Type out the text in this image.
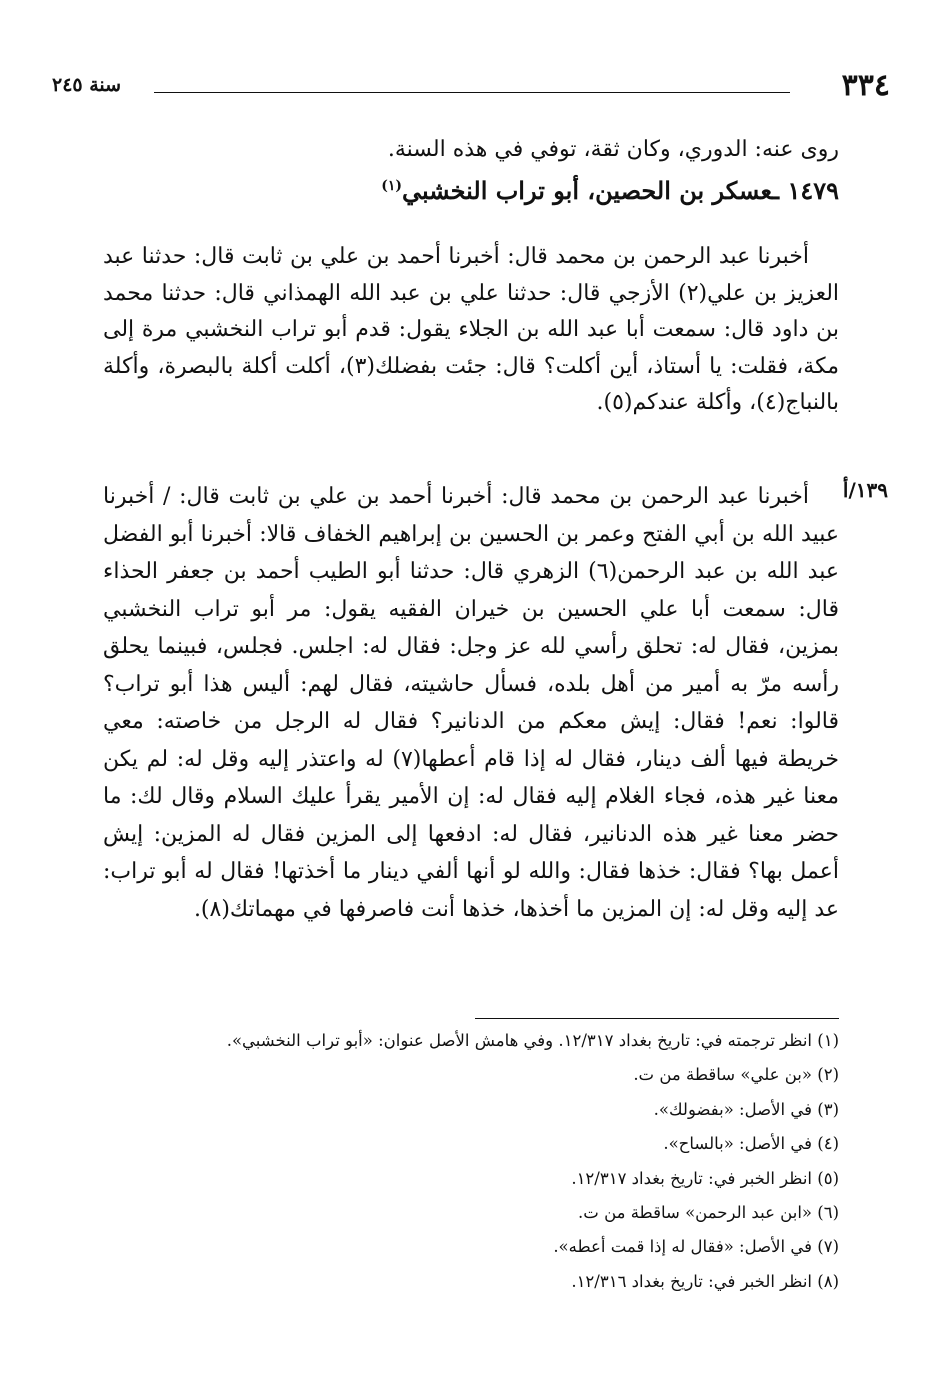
٣٣٤
سنة ٢٤٥
روى عنه: الدوري، وكان ثقة، توفي في هذه السنة.
١٤٧٩ ـعسكر بن الحصين، أبو تراب النخشبي$^{(١)}$

أخبرنا عبد الرحمن بن محمد قال: أخبرنا أحمد بن علي بن ثابت قال: حدثنا عبد العزيز بن علي(٢) الأزجي قال: حدثنا علي بن عبد الله الهمذاني قال: حدثنا محمد بن داود قال: سمعت أبا عبد الله بن الجلاء يقول: قدم أبو تراب النخشبي مرة إلى مكة، فقلت: يا أستاذ، أين أكلت؟ قال: جئت بفضلك(٣)، أكلت أكلة بالبصرة، وأكلة بالنباج(٤)، وأكلة عندكم(٥).

١٣٩/أ

أخبرنا عبد الرحمن بن محمد قال: أخبرنا أحمد بن علي بن ثابت قال: / أخبرنا عبيد الله بن أبي الفتح وعمر بن الحسين بن إبراهيم الخفاف قالا: أخبرنا أبو الفضل عبد الله بن عبد الرحمن(٦) الزهري قال: حدثنا أبو الطيب أحمد بن جعفر الحذاء قال: سمعت أبا علي الحسين بن خيران الفقيه يقول: مر أبو تراب النخشبي بمزين، فقال له: تحلق رأسي لله عز وجل: فقال له: اجلس. فجلس، فبينما يحلق رأسه مرّ به أمير من أهل بلده، فسأل حاشيته، فقال لهم: أليس هذا أبو تراب؟ قالوا: نعم! فقال: إيش معكم من الدنانير؟ فقال له الرجل من خاصته: معي خريطة فيها ألف دينار، فقال له إذا قام أعطها(٧) له واعتذر إليه وقل له: لم يكن معنا غير هذه، فجاء الغلام إليه فقال له: إن الأمير يقرأ عليك السلام وقال لك: ما حضر معنا غير هذه الدنانير، فقال له: ادفعها إلى المزين فقال له المزين: إيش أعمل بها؟ فقال: خذها فقال: والله لو أنها ألفي دينار ما أخذتها! فقال له أبو تراب: عد إليه وقل له: إن المزين ما أخذها، خذها أنت فاصرفها في مهماتك(٨).

(١) انظر ترجمته في: تاريخ بغداد ١٢/٣١٧. وفي هامش الأصل عنوان: «أبو تراب النخشبي».
(٢) «بن علي» ساقطة من ت.
(٣) في الأصل: «بفضولك».
(٤) في الأصل: «بالساح».
(٥) انظر الخبر في: تاريخ بغداد ١٢/٣١٧.
(٦) «ابن عبد الرحمن» ساقطة من ت.
(٧) في الأصل: «فقال له إذا قمت أعطه».
(٨) انظر الخبر في: تاريخ بغداد ١٢/٣١٦.
